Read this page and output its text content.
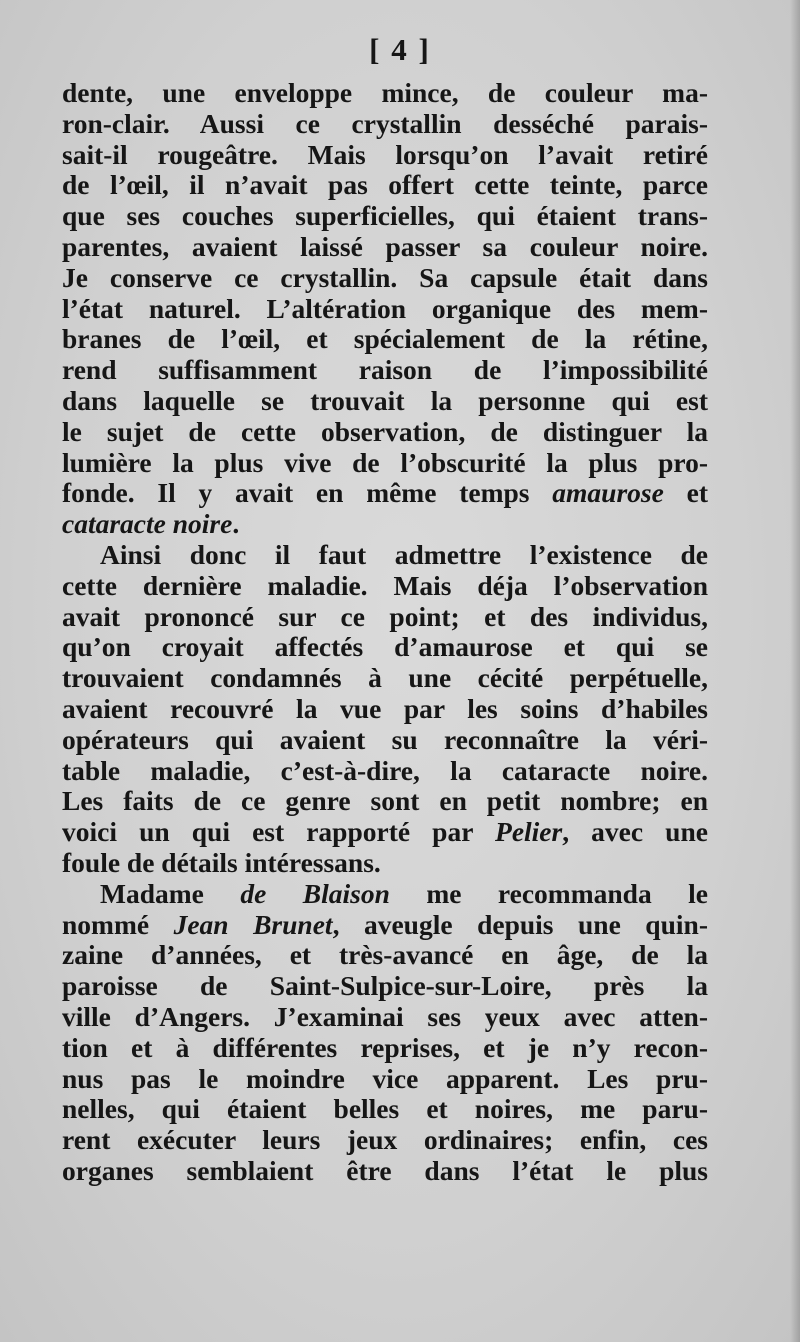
[ 4 ]
dente, une enveloppe mince, de couleur ma-
ron-clair. Aussi ce crystallin desséché parais-
sait-il rougeâtre. Mais lorsqu’on l’avait retiré
de l’œil, il n’avait pas offert cette teinte, parce
que ses couches superficielles, qui étaient trans-
parentes, avaient laissé passer sa couleur noire.
Je conserve ce crystallin. Sa capsule était dans
l’état naturel. L’altération organique des mem-
branes de l’œil, et spécialement de la rétine,
rend suffisamment raison de l’impossibilité
dans laquelle se trouvait la personne qui est
le sujet de cette observation, de distinguer la
lumière la plus vive de l’obscurité la plus pro-
fonde. Il y avait en même temps amaurose et
cataracte noire.
Ainsi donc il faut admettre l’existence de
cette dernière maladie. Mais déja l’observation
avait prononcé sur ce point; et des individus,
qu’on croyait affectés d’amaurose et qui se
trouvaient condamnés à une cécité perpétuelle,
avaient recouvré la vue par les soins d’habiles
opérateurs qui avaient su reconnaître la véri-
table maladie, c’est-à-dire, la cataracte noire.
Les faits de ce genre sont en petit nombre; en
voici un qui est rapporté par Pelier, avec une
foule de détails intéressans.
Madame de Blaison me recommanda le
nommé Jean Brunet, aveugle depuis une quin-
zaine d’années, et très-avancé en âge, de la
paroisse de Saint-Sulpice-sur-Loire, près la
ville d’Angers. J’examinai ses yeux avec atten-
tion et à différentes reprises, et je n’y recon-
nus pas le moindre vice apparent. Les pru-
nelles, qui étaient belles et noires, me paru-
rent exécuter leurs jeux ordinaires; enfin, ces
organes semblaient être dans l’état le plus
